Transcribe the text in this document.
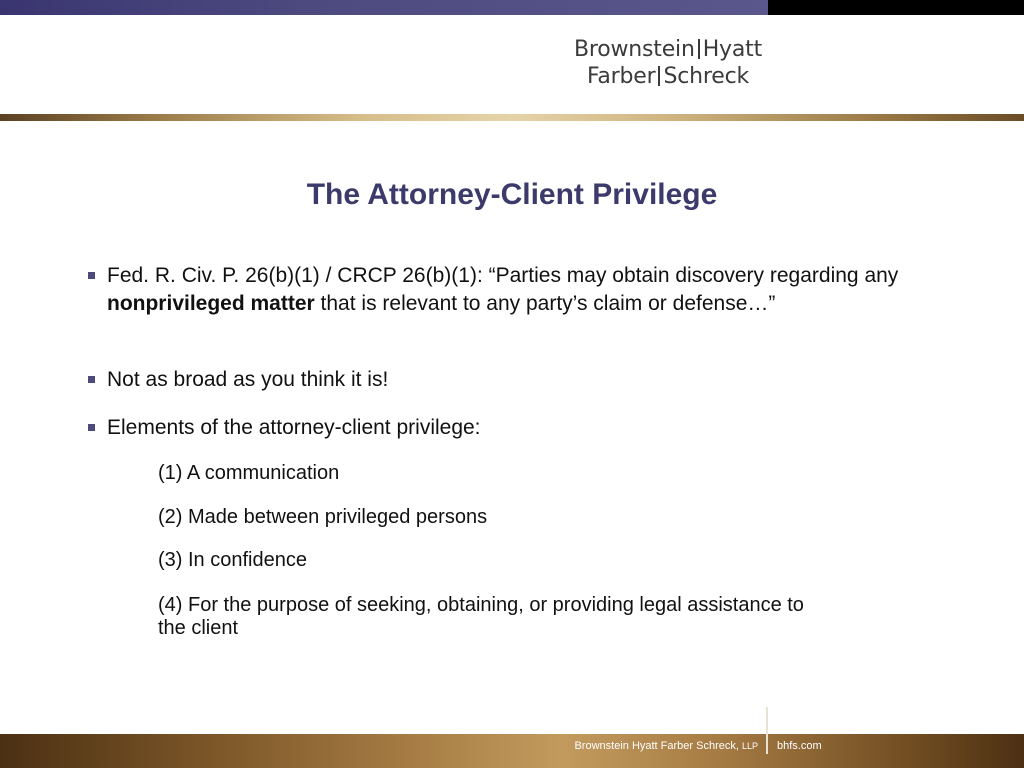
Brownstein Hyatt
Farber Schreck
The Attorney-Client Privilege
Fed. R. Civ. P. 26(b)(1) / CRCP 26(b)(1): “Parties may obtain discovery regarding any nonprivileged matter that is relevant to any party’s claim or defense…”
Not as broad as you think it is!
Elements of the attorney-client privilege:
(1) A communication
(2) Made between privileged persons
(3) In confidence
(4) For the purpose of seeking, obtaining, or providing legal assistance to the client
Brownstein Hyatt Farber Schreck, LLP bhfs.com
